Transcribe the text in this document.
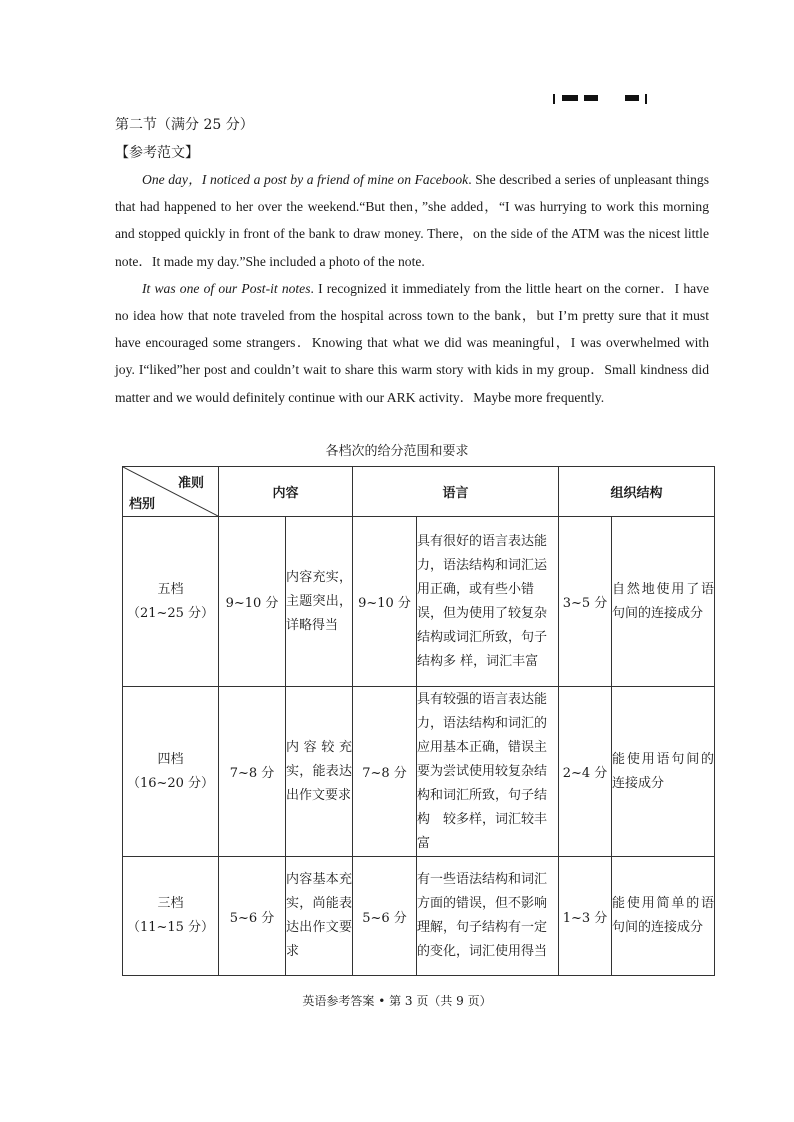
第二节（满分 25 分）
【参考范文】

One day，I noticed a post by a friend of mine on Facebook. She described a series of unpleasant things that had happened to her over the weekend.“But then，”she added，“I was hurrying to work this morning and stopped quickly in front of the bank to draw money. There，on the side of the ATM was the nicest little note．It made my day.”She included a photo of the note.

It was one of our Post-it notes. I recognized it immediately from the little heart on the corner．I have no idea how that note traveled from the hospital across town to the bank，but I’m pretty sure that it must have encouraged some strangers．Knowing that what we did was meaningful，I was overwhelmed with joy. I“liked”her post and couldn’t wait to share this warm story with kids in my group．Small kindness did matter and we would definitely continue with our ARK activity．Maybe more frequently.

各档次的给分范围和要求
准则
档别	内容		语言		组织结构	

五档
（21~25 分）	9~10 分	内容充实，主题突出，详略得当	9~10 分	具有很好的语言表达能力，语法结构和词汇运用正确，或有些小错误，但为使用了较复杂结构或词汇所致，句子结构多 样，词汇丰富	3~5 分	自然地使用了语句间的连接成分

四档
（16~20 分）	7~8 分	内容较充实，能表达出作文要求	7~8 分	具有较强的语言表达能力，语法结构和词汇的应用基本正确，错误主要为尝试使用较复杂结构和词汇所致，句子结构　较多样，词汇较丰富	2~4 分	能使用语句间的连接成分

三档
（11~15 分）	5~6 分	内容基本充实，尚能表达出作文要求	5~6 分	有一些语法结构和词汇方面的错误，但不影响理解，句子结构有一定的变化，词汇使用得当	1~3 分	能使用简单的语句间的连接成分
英语参考答案 • 第 3 页（共 9 页）
